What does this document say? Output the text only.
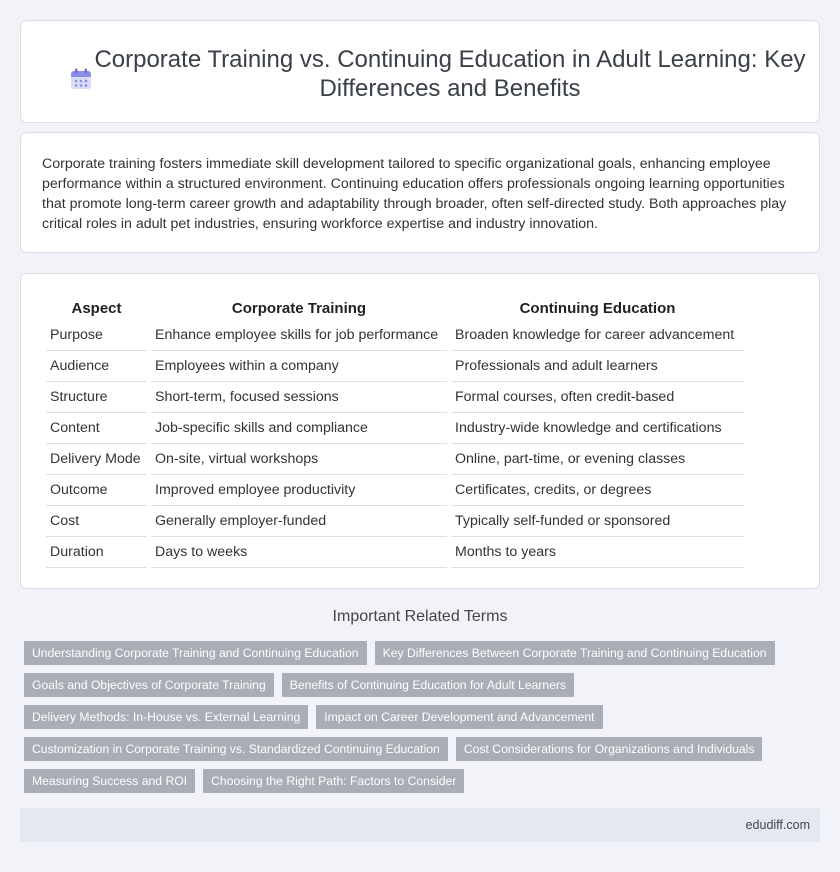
Corporate Training vs. Continuing Education in Adult Learning: Key Differences and Benefits

Corporate training fosters immediate skill development tailored to specific organizational goals, enhancing employee performance within a structured environment. Continuing education offers professionals ongoing learning opportunities that promote long-term career growth and adaptability through broader, often self-directed study. Both approaches play critical roles in adult pet industries, ensuring workforce expertise and industry innovation.

Aspect	Corporate Training	Continuing Education
Purpose	Enhance employee skills for job performance	Broaden knowledge for career advancement
Audience	Employees within a company	Professionals and adult learners
Structure	Short-term, focused sessions	Formal courses, often credit-based
Content	Job-specific skills and compliance	Industry-wide knowledge and certifications
Delivery Mode	On-site, virtual workshops	Online, part-time, or evening classes
Outcome	Improved employee productivity	Certificates, credits, or degrees
Cost	Generally employer-funded	Typically self-funded or sponsored
Duration	Days to weeks	Months to years
Important Related Terms
Understanding Corporate Training and Continuing Education	Key Differences Between Corporate Training and Continuing Education
Goals and Objectives of Corporate Training	Benefits of Continuing Education for Adult Learners
Delivery Methods: In-House vs. External Learning	Impact on Career Development and Advancement
Customization in Corporate Training vs. Standardized Continuing Education	Cost Considerations for Organizations and Individuals
Measuring Success and ROI	Choosing the Right Path: Factors to Consider
edudiff.com
